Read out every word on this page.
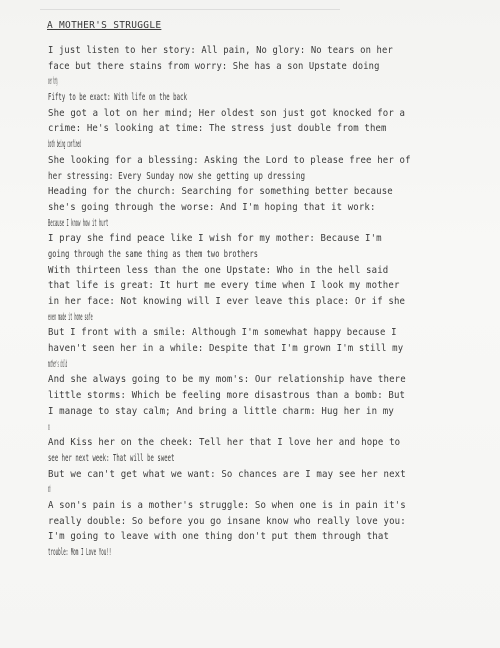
A MOTHER'S STRUGGLE
I just listen to her story: All pain, No glory: No tears on her
face but there stains from worry: She has a son Upstate doing
over forty
Fifty to be exact: With life on the back
She got a lot on her mind; Her oldest son just got knocked for a
crime: He's looking at time: The stress just double from them
both being confined
She looking for a blessing: Asking the Lord to please free her of
her stressing: Every Sunday now she getting up dressing
Heading for the church: Searching for something better because
she's going through the worse: And I'm hoping that it work:
Because I know how it hurt
I pray she find peace like I wish for my mother: Because I'm
going through the same thing as them two brothers
With thirteen less than the one Upstate: Who in the hell said
that life is great: It hurt me every time when I look my mother
in her face: Not knowing will I ever leave this place: Or if she
even made it home safe
But I front with a smile: Although I'm somewhat happy because I
haven't seen her in a while: Despite that I'm grown I'm still my
mother's child
And she always going to be my mom's: Our relationship have there
little storms: Which be feeling more disastrous than a bomb: But
I manage to stay calm; And bring a little charm: Hug her in my
arms
And Kiss her on the cheek: Tell her that I love her and hope to
see her next week: That will be sweet
But we can't get what we want: So chances are I may see her next
month
A son's pain is a mother's struggle: So when one is in pain it's
really double: So before you go insane know who really love you:
I'm going to leave with one thing don't put them through that
trouble: Mom I Love You!!
